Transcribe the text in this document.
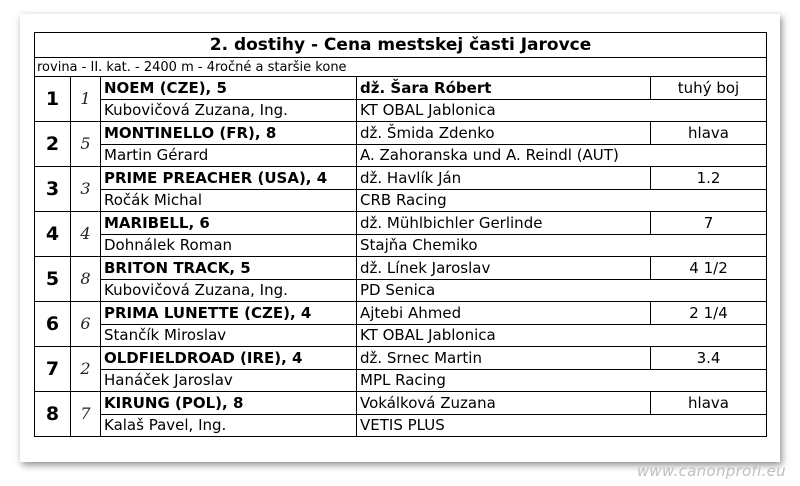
2. dostihy - Cena mestskej časti Jarovce				
rovina - II. kat. - 2400 m - 4ročné a staršie kone				
1	1	NOEM (CZE), 5	dž. Šara Róbert	tuhý boj
		Kubovičová Zuzana, Ing.	KT OBAL Jablonica	
2	5	MONTINELLO (FR), 8	dž. Šmida Zdenko	hlava
		Martin Gérard	A. Zahoranska und A. Reindl (AUT)	
3	3	PRIME PREACHER (USA), 4	dž. Havlík Ján	1.2
		Ročák Michal	CRB Racing	
4	4	MARIBELL, 6	dž. Mühlbichler Gerlinde	7
		Dohnálek Roman	Stajňa Chemiko	
5	8	BRITON TRACK, 5	dž. Línek Jaroslav	4 1/2
		Kubovičová Zuzana, Ing.	PD Senica	
6	6	PRIMA LUNETTE (CZE), 4	Ajtebi Ahmed	2 1/4
		Stančík Miroslav	KT OBAL Jablonica	
7	2	OLDFIELDROAD (IRE), 4	dž. Srnec Martin	3.4
		Hanáček Jaroslav	MPL Racing	
8	7	KIRUNG (POL), 8	Vokálková Zuzana	hlava
		Kalaš Pavel, Ing.	VETIS PLUS	
www.canonprofi.eu
